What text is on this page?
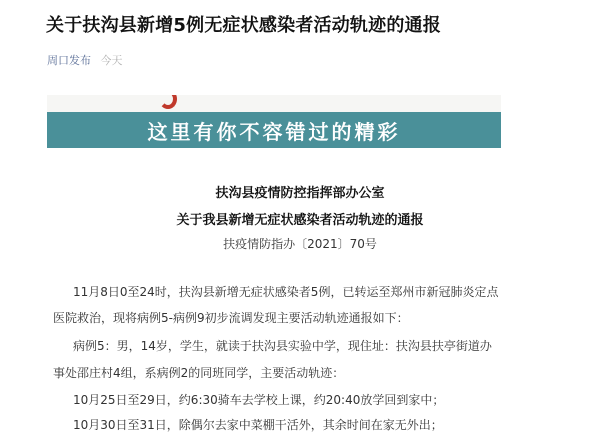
关于扶沟县新增5例无症状感染者活动轨迹的通报
周口发布 今天
这里有你不容错过的精彩
扶沟县疫情防控指挥部办公室
关于我县新增无症状感染者活动轨迹的通报
扶疫情防指办〔2021〕70号
11月8日0至24时，扶沟县新增无症状感染者5例，已转运至郑州市新冠肺炎定点
医院救治，现将病例5-病例9初步流调发现主要活动轨迹通报如下：
病例5：男，14岁，学生，就读于扶沟县实验中学，现住址：扶沟县扶亭街道办
事处邵庄村4组，系病例2的同班同学，主要活动轨迹：
10月25日至29日，约6:30骑车去学校上课，约20:40放学回到家中；
10月30日至31日，除偶尔去家中菜棚干活外，其余时间在家无外出；
